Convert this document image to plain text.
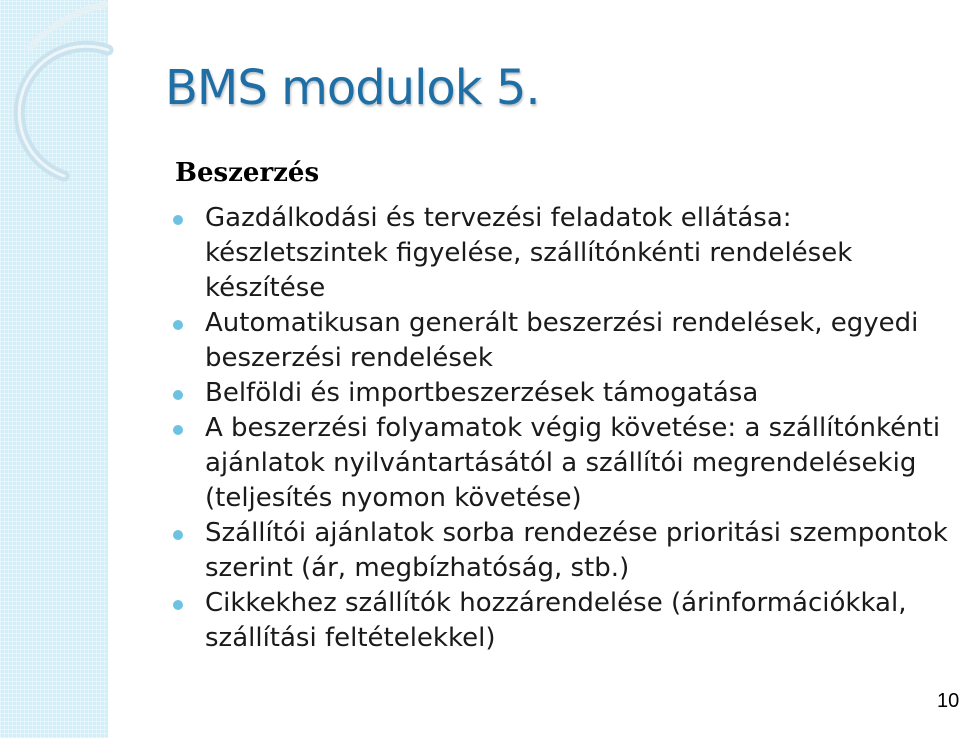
BMS modulok 5.
Beszerzés
Gazdálkodási és tervezési feladatok ellátása: készletszintek figyelése, szállítónkénti rendelések készítése
Automatikusan generált beszerzési rendelések, egyedi beszerzési rendelések
Belföldi és importbeszerzések támogatása
A beszerzési folyamatok végig követése: a szállítónkénti ajánlatok nyilvántartásától a szállítói megrendelésekig (teljesítés nyomon követése)
Szállítói ajánlatok sorba rendezése prioritási szempontok szerint (ár, megbízhatóság, stb.)
Cikkekhez szállítók hozzárendelése (árinformációkkal, szállítási feltételekkel)
10
